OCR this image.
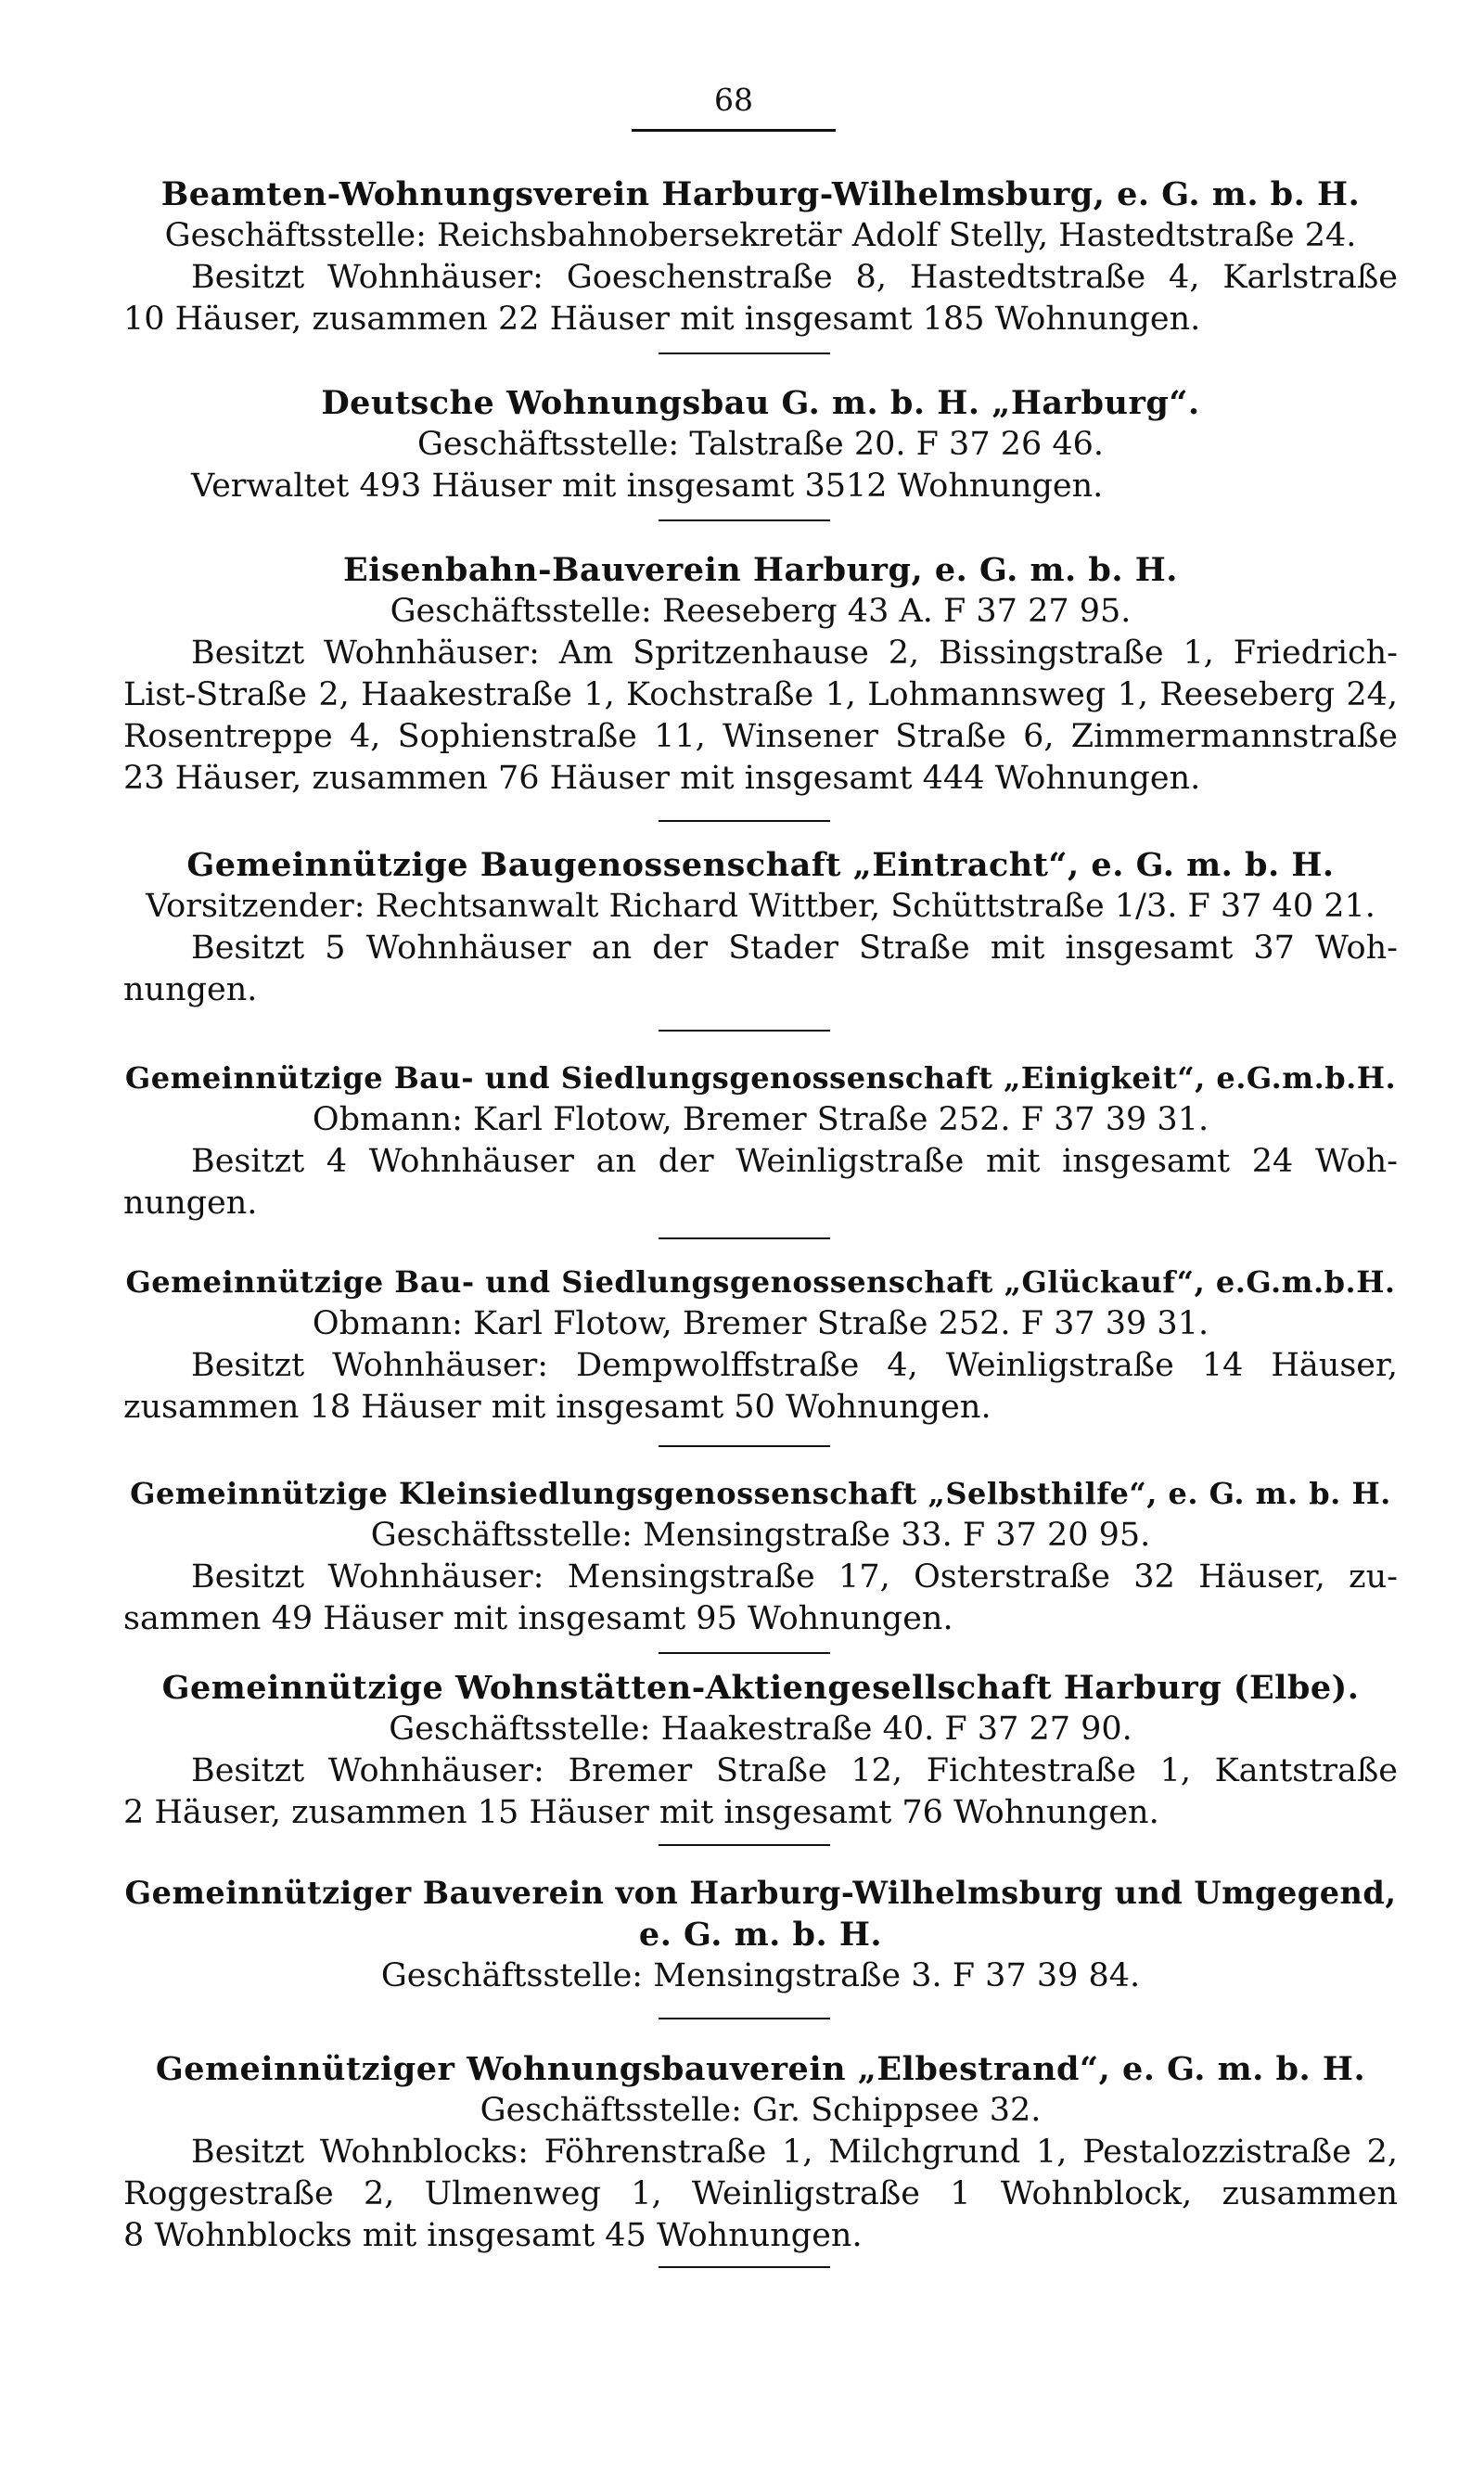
68
Beamten-Wohnungsverein Harburg-Wilhelmsburg, e. G. m. b. H.
Geschäftsstelle: Reichsbahnobersekretär Adolf Stelly, Hastedtstraße 24.
Besitzt Wohnhäuser: Goeschenstraße 8, Hastedtstraße 4, Karlstraße
10 Häuser, zusammen 22 Häuser mit insgesamt 185 Wohnungen.
Deutsche Wohnungsbau G. m. b. H. „Harburg“.
Geschäftsstelle: Talstraße 20. F 37 26 46.
Verwaltet 493 Häuser mit insgesamt 3512 Wohnungen.
Eisenbahn-Bauverein Harburg, e. G. m. b. H.
Geschäftsstelle: Reeseberg 43 A. F 37 27 95.
Besitzt Wohnhäuser: Am Spritzenhause 2, Bissingstraße 1, Friedrich-
List-Straße 2, Haakestraße 1, Kochstraße 1, Lohmannsweg 1, Reeseberg 24,
Rosentreppe 4, Sophienstraße 11, Winsener Straße 6, Zimmermannstraße
23 Häuser, zusammen 76 Häuser mit insgesamt 444 Wohnungen.
Gemeinnützige Baugenossenschaft „Eintracht“, e. G. m. b. H.
Vorsitzender: Rechtsanwalt Richard Wittber, Schüttstraße 1/3. F 37 40 21.
Besitzt 5 Wohnhäuser an der Stader Straße mit insgesamt 37 Woh-
nungen.
Gemeinnützige Bau- und Siedlungsgenossenschaft „Einigkeit“, e.G.m.b.H.
Obmann: Karl Flotow, Bremer Straße 252. F 37 39 31.
Besitzt 4 Wohnhäuser an der Weinligstraße mit insgesamt 24 Woh-
nungen.
Gemeinnützige Bau- und Siedlungsgenossenschaft „Glückauf“, e.G.m.b.H.
Obmann: Karl Flotow, Bremer Straße 252. F 37 39 31.
Besitzt Wohnhäuser: Dempwolffstraße 4, Weinligstraße 14 Häuser,
zusammen 18 Häuser mit insgesamt 50 Wohnungen.
Gemeinnützige Kleinsiedlungsgenossenschaft „Selbsthilfe“, e. G. m. b. H.
Geschäftsstelle: Mensingstraße 33. F 37 20 95.
Besitzt Wohnhäuser: Mensingstraße 17, Osterstraße 32 Häuser, zu-
sammen 49 Häuser mit insgesamt 95 Wohnungen.
Gemeinnützige Wohnstätten-Aktiengesellschaft Harburg (Elbe).
Geschäftsstelle: Haakestraße 40. F 37 27 90.
Besitzt Wohnhäuser: Bremer Straße 12, Fichtestraße 1, Kantstraße
2 Häuser, zusammen 15 Häuser mit insgesamt 76 Wohnungen.
Gemeinnütziger Bauverein von Harburg-Wilhelmsburg und Umgegend,
e. G. m. b. H.
Geschäftsstelle: Mensingstraße 3. F 37 39 84.
Gemeinnütziger Wohnungsbauverein „Elbestrand“, e. G. m. b. H.
Geschäftsstelle: Gr. Schippsee 32.
Besitzt Wohnblocks: Föhrenstraße 1, Milchgrund 1, Pestalozzistraße 2,
Roggestraße 2, Ulmenweg 1, Weinligstraße 1 Wohnblock, zusammen
8 Wohnblocks mit insgesamt 45 Wohnungen.
